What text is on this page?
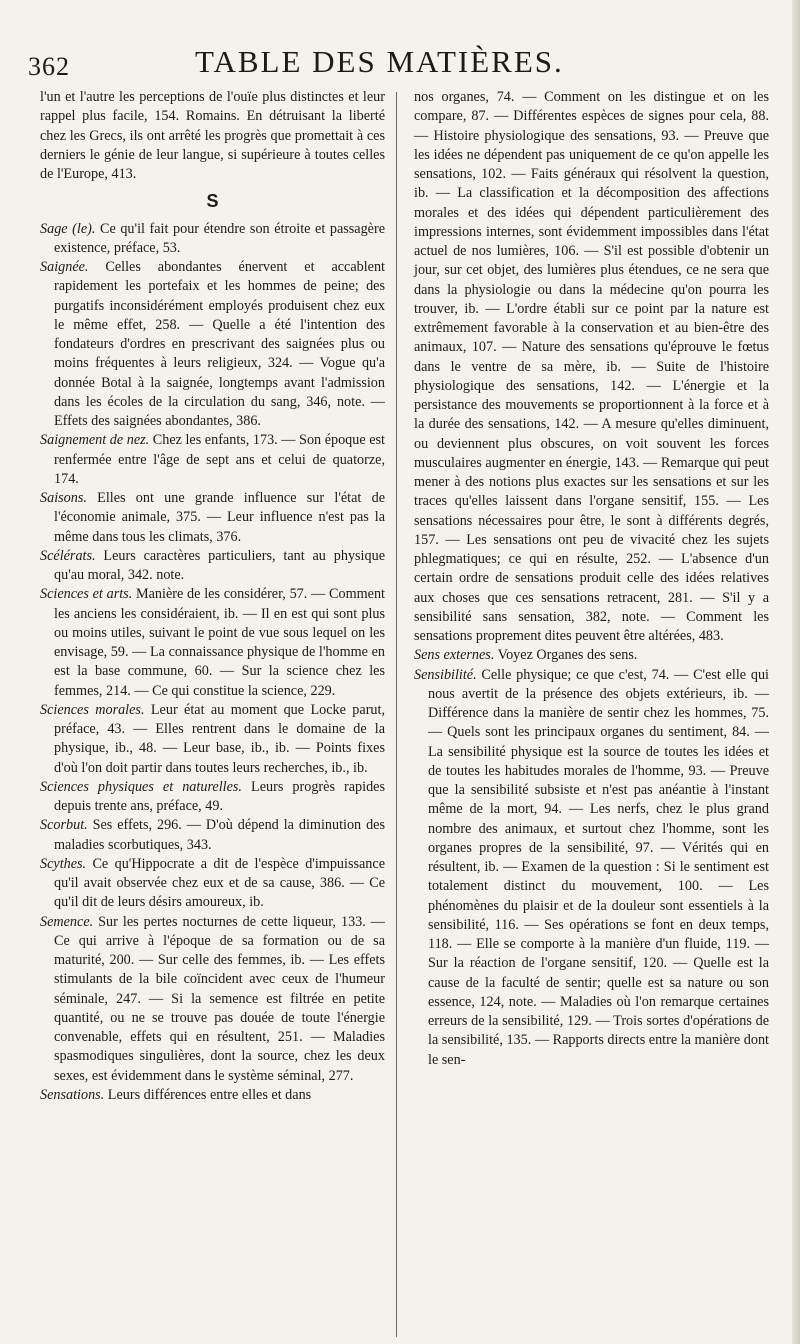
362	TABLE DES MATIÈRES.

l'un et l'autre les perceptions de l'ouïe plus distinctes et leur rappel plus facile, 154. Romains. En détruisant la liberté chez les Grecs, ils ont arrêté les progrès que promettait à ces derniers le génie de leur langue, si supérieure à toutes celles de l'Europe, 413.

S

Sage (le). Ce qu'il fait pour étendre son étroite et passagère existence, préface, 53.

Saignée. Celles abondantes énervent et accablent rapidement les portefaix et les hommes de peine; des purgatifs inconsidérément employés produisent chez eux le même effet, 258. — Quelle a été l'intention des fondateurs d'ordres en prescrivant des saignées plus ou moins fréquentes à leurs religieux, 324. — Vogue qu'a donnée Botal à la saignée, longtemps avant l'admission dans les écoles de la circulation du sang, 346, note. — Effets des saignées abondantes, 386.

Saignement de nez. Chez les enfants, 173. — Son époque est renfermée entre l'âge de sept ans et celui de quatorze, 174.

Saisons. Elles ont une grande influence sur l'état de l'économie animale, 375. — Leur influence n'est pas la même dans tous les climats, 376.

Scélérats. Leurs caractères particuliers, tant au physique qu'au moral, 342. note.

Sciences et arts. Manière de les considérer, 57. — Comment les anciens les considéraient, ib. — Il en est qui sont plus ou moins utiles, suivant le point de vue sous lequel on les envisage, 59. — La connaissance physique de l'homme en est la base commune, 60. — Sur la science chez les femmes, 214. — Ce qui constitue la science, 229.

Sciences morales. Leur état au moment que Locke parut, préface, 43. — Elles rentrent dans le domaine de la physique, ib., 48. — Leur base, ib., ib. — Points fixes d'où l'on doit partir dans toutes leurs recherches, ib., ib.

Sciences physiques et naturelles. Leurs progrès rapides depuis trente ans, préface, 49.

Scorbut. Ses effets, 296. — D'où dépend la diminution des maladies scorbutiques, 343.

Scythes. Ce qu'Hippocrate a dit de l'espèce d'impuissance qu'il avait observée chez eux et de sa cause, 386. — Ce qu'il dit de leurs désirs amoureux, ib.

Semence. Sur les pertes nocturnes de cette liqueur, 133. — Ce qui arrive à l'époque de sa formation ou de sa maturité, 200. — Sur celle des femmes, ib. — Les effets stimulants de la bile coïncident avec ceux de l'humeur séminale, 247. — Si la semence est filtrée en petite quantité, ou ne se trouve pas douée de toute l'énergie convenable, effets qui en résultent, 251. — Maladies spasmodiques singulières, dont la source, chez les deux sexes, est évidemment dans le système séminal, 277.

Sensations. Leurs différences entre elles et dans

nos organes, 74. — Comment on les distingue et on les compare, 87. — Différentes espèces de signes pour cela, 88. — Histoire physiologique des sensations, 93. — Preuve que les idées ne dépendent pas uniquement de ce qu'on appelle les sensations, 102. — Faits généraux qui résolvent la question, ib. — La classification et la décomposition des affections morales et des idées qui dépendent particulièrement des impressions internes, sont évidemment impossibles dans l'état actuel de nos lumières, 106. — S'il est possible d'obtenir un jour, sur cet objet, des lumières plus étendues, ce ne sera que dans la physiologie ou dans la médecine qu'on pourra les trouver, ib. — L'ordre établi sur ce point par la nature est extrêmement favorable à la conservation et au bien-être des animaux, 107. — Nature des sensations qu'éprouve le fœtus dans le ventre de sa mère, ib. — Suite de l'histoire physiologique des sensations, 142. — L'énergie et la persistance des mouvements se proportionnent à la force et à la durée des sensations, 142. — A mesure qu'elles diminuent, ou deviennent plus obscures, on voit souvent les forces musculaires augmenter en énergie, 143. — Remarque qui peut mener à des notions plus exactes sur les sensations et sur les traces qu'elles laissent dans l'organe sensitif, 155. — Les sensations nécessaires pour être, le sont à différents degrés, 157. — Les sensations ont peu de vivacité chez les sujets phlegmatiques; ce qui en résulte, 252. — L'absence d'un certain ordre de sensations produit celle des idées relatives aux choses que ces sensations retracent, 281. — S'il y a sensibilité sans sensation, 382, note. — Comment les sensations proprement dites peuvent être altérées, 483.

Sens externes. Voyez Organes des sens.

Sensibilité. Celle physique; ce que c'est, 74. — C'est elle qui nous avertit de la présence des objets extérieurs, ib. — Différence dans la manière de sentir chez les hommes, 75. — Quels sont les principaux organes du sentiment, 84. — La sensibilité physique est la source de toutes les idées et de toutes les habitudes morales de l'homme, 93. — Preuve que la sensibilité subsiste et n'est pas anéantie à l'instant même de la mort, 94. — Les nerfs, chez le plus grand nombre des animaux, et surtout chez l'homme, sont les organes propres de la sensibilité, 97. — Vérités qui en résultent, ib. — Examen de la question : Si le sentiment est totalement distinct du mouvement, 100. — Les phénomènes du plaisir et de la douleur sont essentiels à la sensibilité, 116. — Ses opérations se font en deux temps, 118. — Elle se comporte à la manière d'un fluide, 119. — Sur la réaction de l'organe sensitif, 120. — Quelle est la cause de la faculté de sentir; quelle est sa nature ou son essence, 124, note. — Maladies où l'on remarque certaines erreurs de la sensibilité, 129. — Trois sortes d'opérations de la sensibilité, 135. — Rapports directs entre la manière dont le sen-
